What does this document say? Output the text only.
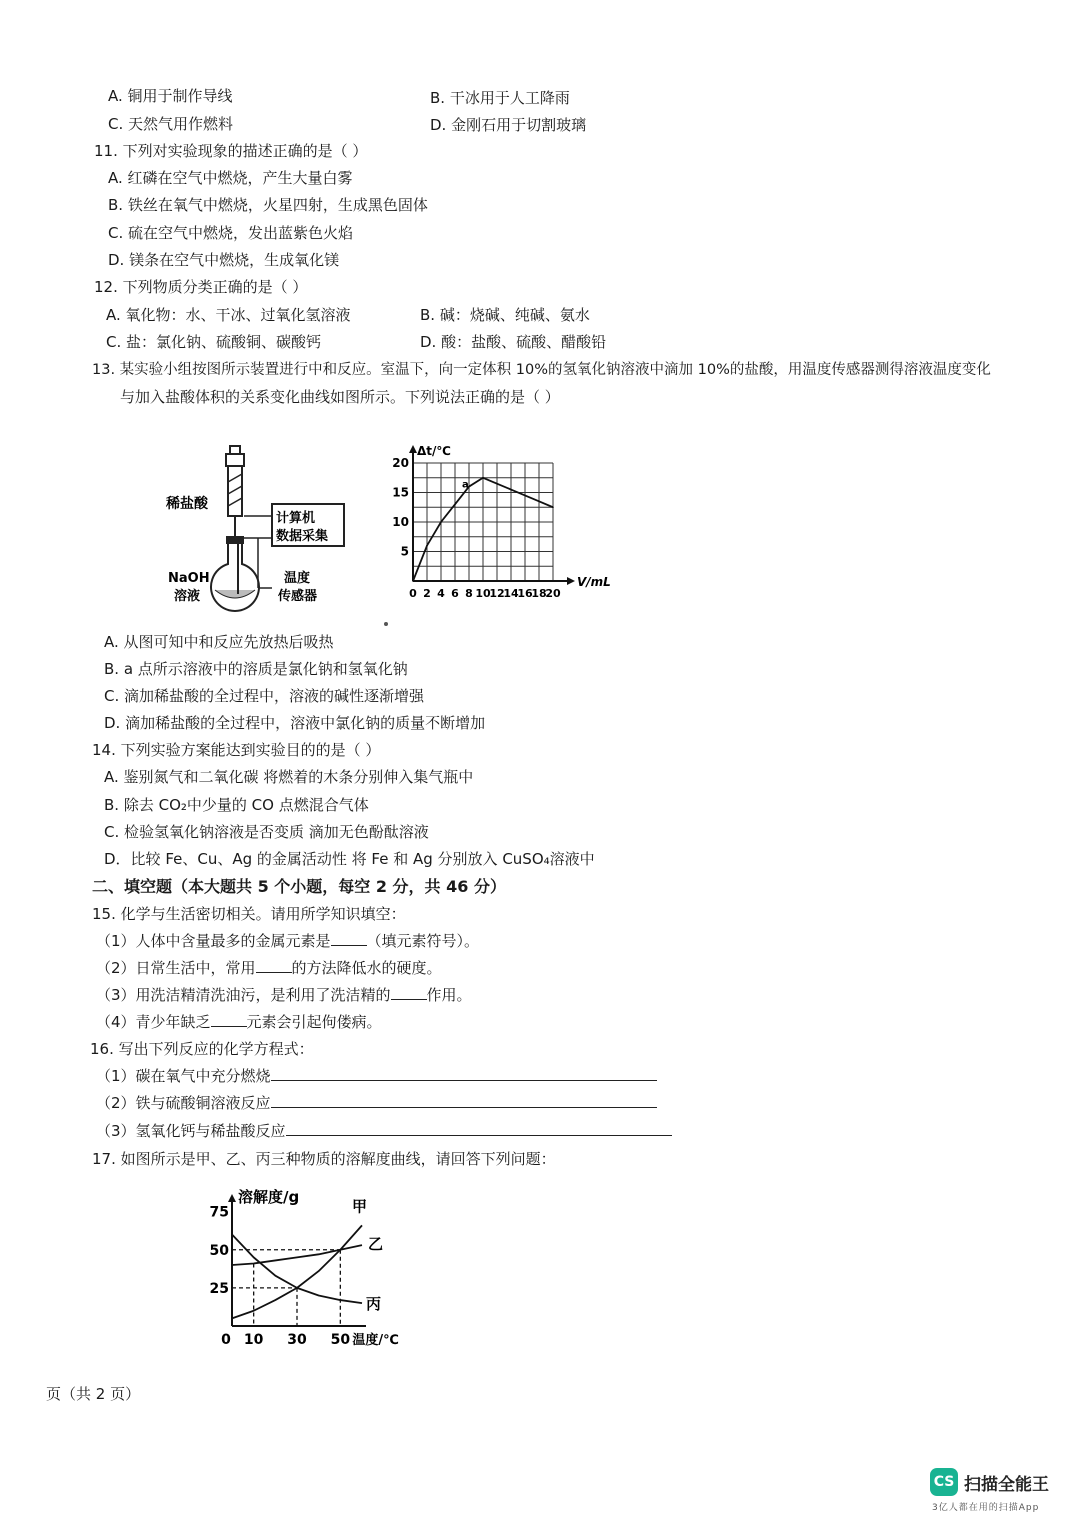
A. 铜用于制作导线	B. 干冰用于人工降雨
C. 天然气用作燃料	D. 金刚石用于切割玻璃
11. 下列对实验现象的描述正确的是（ ）
A. 红磷在空气中燃烧，产生大量白雾
B. 铁丝在氧气中燃烧，火星四射，生成黑色固体
C. 硫在空气中燃烧，发出蓝紫色火焰
D. 镁条在空气中燃烧，生成氧化镁
12. 下列物质分类正确的是（ ）
A. 氧化物：水、干冰、过氧化氢溶液	B. 碱：烧碱、纯碱、氨水
C. 盐：氯化钠、硫酸铜、碳酸钙	D. 酸：盐酸、硫酸、醋酸铅
13. 某实验小组按图所示装置进行中和反应。室温下，向一定体积 10%的氢氧化钠溶液中滴加 10%的盐酸，用温度传感器测得溶液温度变化
与加入盐酸体积的关系变化曲线如图所示。下列说法正确的是（ ）
稀盐酸
计算机
数据采集
NaOH
溶液
温度
传感器	0 2 4 6 8 10
12
14
16
18
20
5
10
15
20
Δt/℃
V/mL
a
A. 从图可知中和反应先放热后吸热
B. a 点所示溶液中的溶质是氯化钠和氢氧化钠
C. 滴加稀盐酸的全过程中，溶液的碱性逐渐增强
D. 滴加稀盐酸的全过程中，溶液中氯化钠的质量不断增加
14. 下列实验方案能达到实验目的的是（ ）
A. 鉴别氮气和二氧化碳 将燃着的木条分别伸入集气瓶中
B. 除去 CO₂中少量的 CO 点燃混合气体
C. 检验氢氧化钠溶液是否变质 滴加无色酚酞溶液
D．比较 Fe、Cu、Ag 的金属活动性 将 Fe 和 Ag 分别放入 CuSO₄溶液中
二、填空题（本大题共 5 个小题，每空 2 分，共 46 分）
15. 化学与生活密切相关。请用所学知识填空：
（1）人体中含量最多的金属元素是 （填元素符号）。
（2）日常生活中，常用 的方法降低水的硬度。
（3）用洗洁精清洗油污，是利用了洗洁精的 作用。
（4）青少年缺乏 元素会引起佝偻病。
16. 写出下列反应的化学方程式：
（1）碳在氧气中充分燃烧
（2）铁与硫酸铜溶液反应
（3）氢氧化钙与稀盐酸反应
17. 如图所示是甲、乙、丙三种物质的溶解度曲线，请回答下列问题：
25
50
75
0 10 30 50
溶解度/g
温度/℃
甲
乙
丙
页（共 2 页）
CS 扫描全能王
3亿人都在用的扫描App
